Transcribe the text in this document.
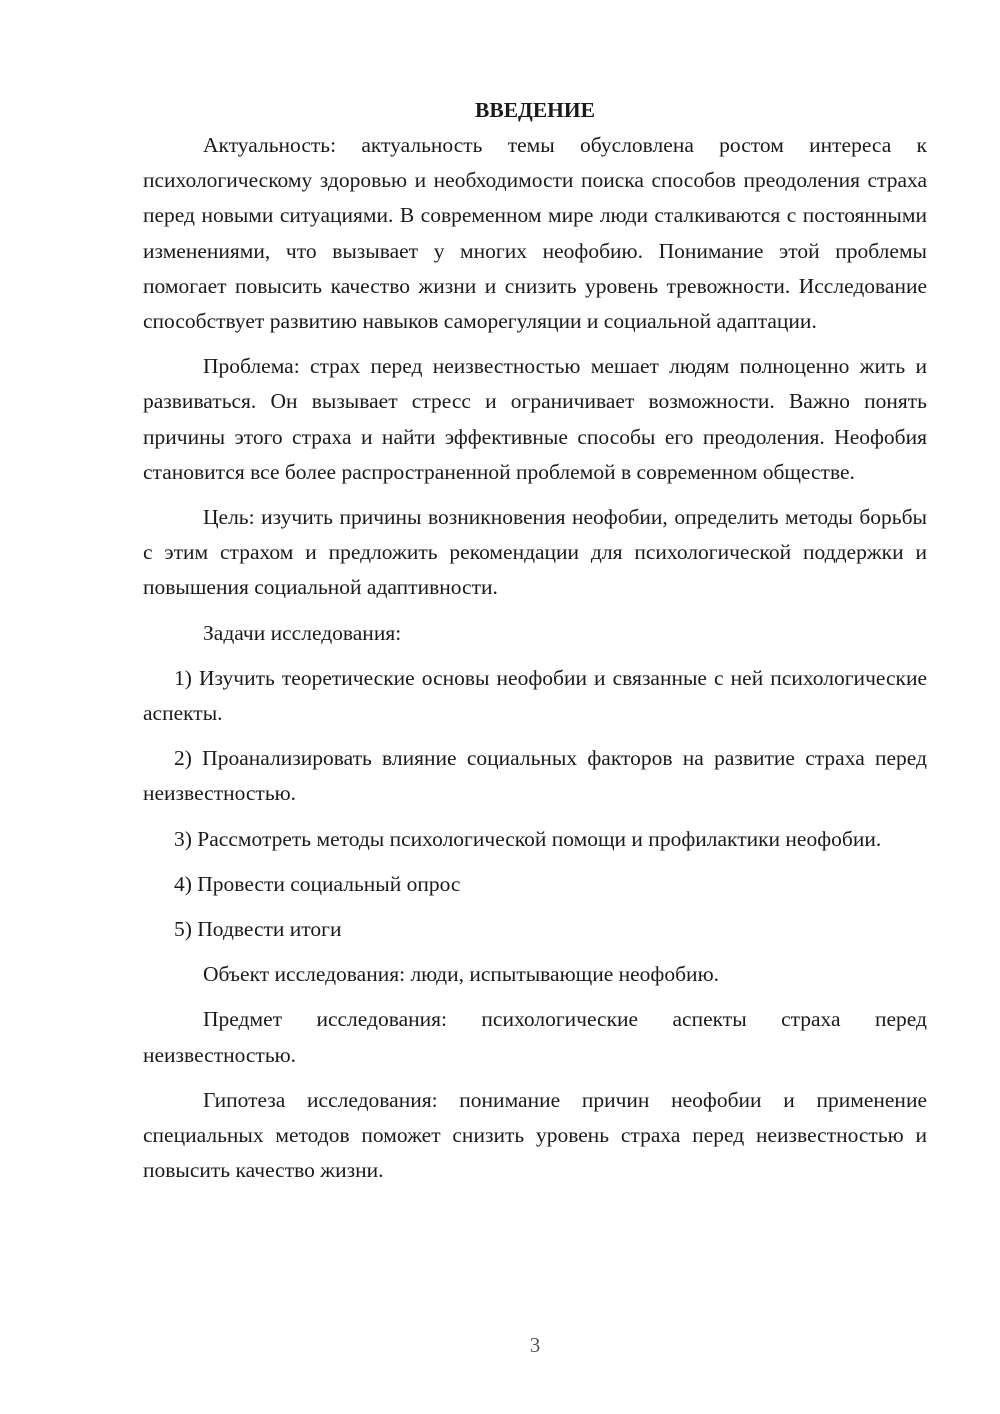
ВВЕДЕНИЕ

Актуальность: актуальность темы обусловлена ростом интереса к психологическому здоровью и необходимости поиска способов преодоления страха перед новыми ситуациями. В современном мире люди сталкиваются с постоянными изменениями, что вызывает у многих неофобию. Понимание этой проблемы помогает повысить качество жизни и снизить уровень тревожности. Исследование способствует развитию навыков саморегуляции и социальной адаптации.

Проблема: страх перед неизвестностью мешает людям полноценно жить и развиваться. Он вызывает стресс и ограничивает возможности. Важно понять причины этого страха и найти эффективные способы его преодоления. Неофобия становится все более распространенной проблемой в современном обществе.

Цель: изучить причины возникновения неофобии, определить методы борьбы с этим страхом и предложить рекомендации для психологической поддержки и повышения социальной адаптивности.

Задачи исследования:

1) Изучить теоретические основы неофобии и связанные с ней психологические аспекты.

2) Проанализировать влияние социальных факторов на развитие страха перед неизвестностью.

3) Рассмотреть методы психологической помощи и профилактики неофобии.

4) Провести социальный опрос

5) Подвести итоги

Объект исследования: люди, испытывающие неофобию.

Предмет исследования: психологические аспекты страха перед неизвестностью.

Гипотеза исследования: понимание причин неофобии и применение специальных методов поможет снизить уровень страха перед неизвестностью и повысить качество жизни.

3
